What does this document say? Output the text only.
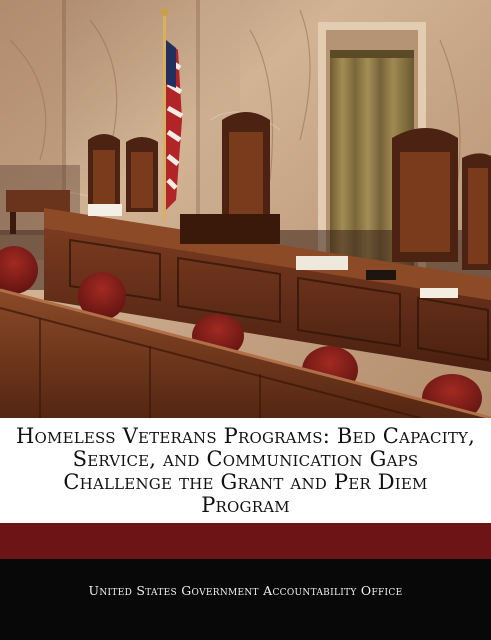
Homeless Veterans Programs: Bed Capacity, Service, and Communication Gaps Challenge the Grant and Per Diem Program

United States Government Accountability Office
